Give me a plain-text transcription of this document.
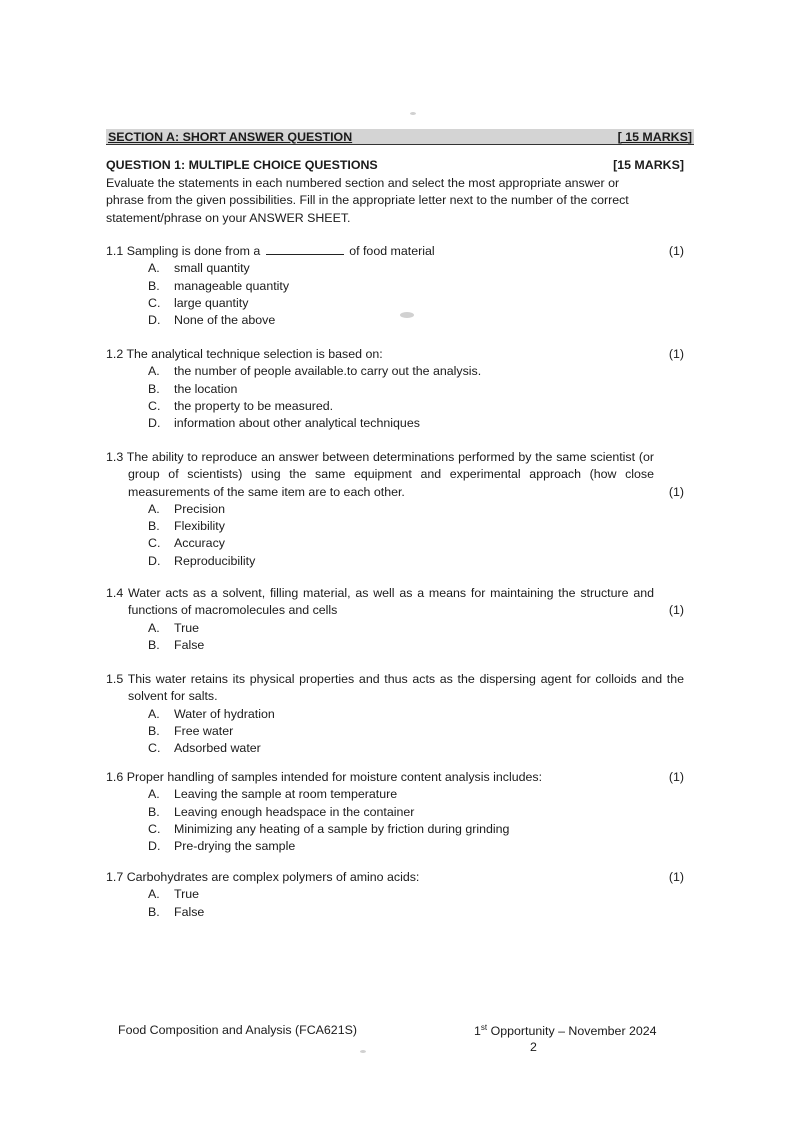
SECTION A: SHORT ANSWER QUESTION	[ 15 MARKS]
QUESTION 1: MULTIPLE CHOICE QUESTIONS	[15 MARKS]
Evaluate the statements in each numbered section and select the most appropriate answer or phrase from the given possibilities. Fill in the appropriate letter next to the number of the correct statement/phrase on your ANSWER SHEET.
1.1 Sampling is done from a	of food material	(1)
A.	small quantity
B.	manageable quantity
C.	large quantity
D.	None of the above
1.2 The analytical technique selection is based on:	(1)
A.	the number of people available.to carry out the analysis.
B.	the location
C.	the property to be measured.
D.	information about other analytical techniques
1.3 The ability to reproduce an answer between determinations performed by the same scientist (or group of scientists) using the same equipment and experimental approach (how close measurements of the same item are to each other.	(1)
A.	Precision
B.	Flexibility
C.	Accuracy
D.	Reproducibility
1.4 Water acts as a solvent, filling material, as well as a means for maintaining the structure and functions of macromolecules and cells	(1)
A.	True
B.	False
1.5 This water retains its physical properties and thus acts as the dispersing agent for colloids and the solvent for salts.
A.	Water of hydration
B.	Free water
C.	Adsorbed water
1.6 Proper handling of samples intended for moisture content analysis includes:	(1)
A.	Leaving the sample at room temperature
B.	Leaving enough headspace in the container
C.	Minimizing any heating of a sample by friction during grinding
D.	Pre-drying the sample
1.7 Carbohydrates are complex polymers of amino acids:	(1)
A.	True
B.	False
Food Composition and Analysis (FCA621S)	1st Opportunity – November 2024
2
